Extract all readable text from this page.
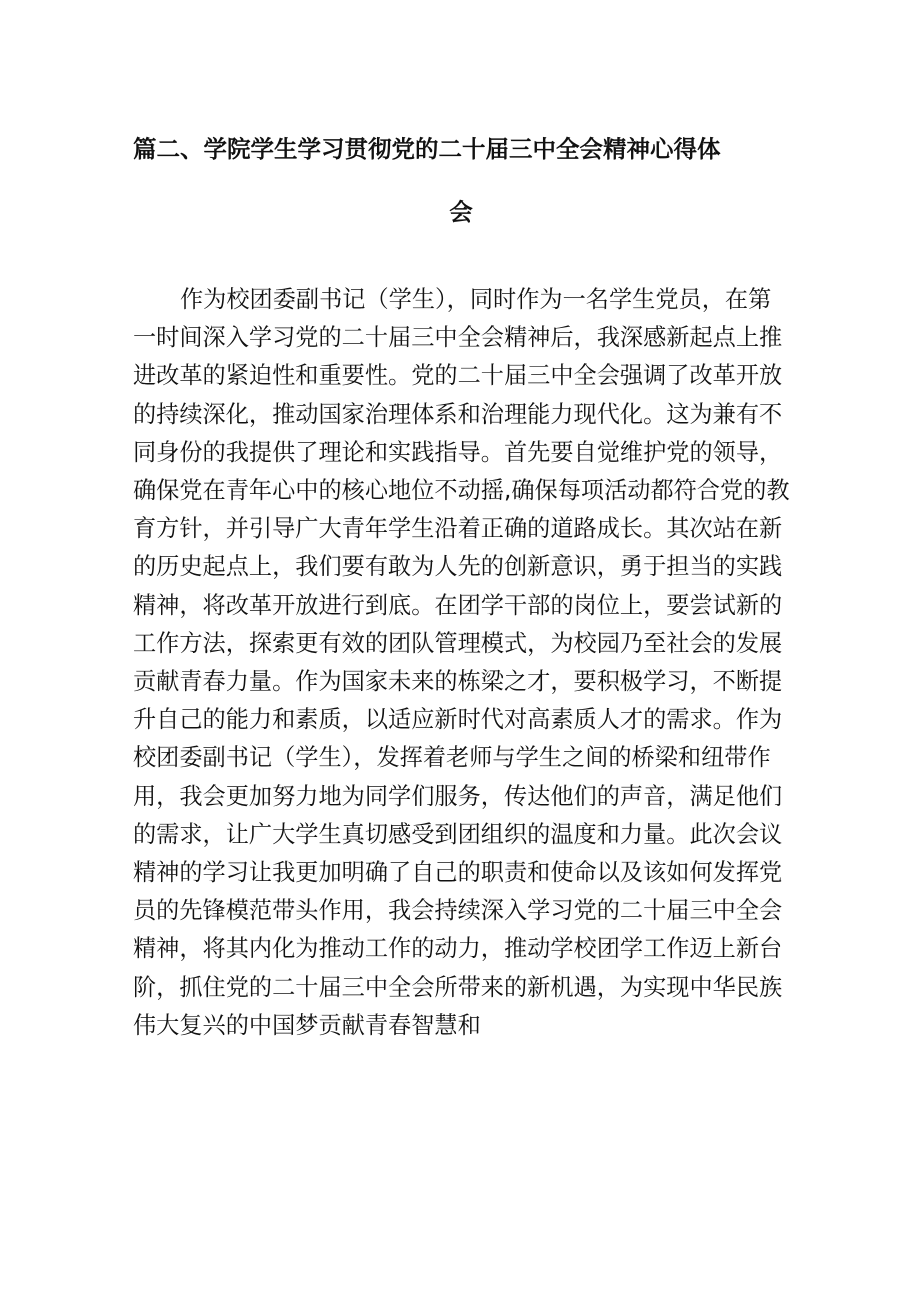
篇二、学院学生学习贯彻党的二十届三中全会精神心得体
会
作为校团委副书记（学生），同时作为一名学生党员，在第
一时间深入学习党的二十届三中全会精神后，我深感新起点上推
进改革的紧迫性和重要性。党的二十届三中全会强调了改革开放
的持续深化，推动国家治理体系和治理能力现代化。这为兼有不
同身份的我提供了理论和实践指导。首先要自觉维护党的领导，
确保党在青年心中的核心地位不动摇,确保每项活动都符合党的教
育方针，并引导广大青年学生沿着正确的道路成长。其次站在新
的历史起点上，我们要有敢为人先的创新意识，勇于担当的实践
精神，将改革开放进行到底。在团学干部的岗位上，要尝试新的
工作方法，探索更有效的团队管理模式，为校园乃至社会的发展
贡献青春力量。作为国家未来的栋梁之才，要积极学习，不断提
升自己的能力和素质，以适应新时代对高素质人才的需求。作为
校团委副书记（学生），发挥着老师与学生之间的桥梁和纽带作
用，我会更加努力地为同学们服务，传达他们的声音，满足他们
的需求，让广大学生真切感受到团组织的温度和力量。此次会议
精神的学习让我更加明确了自己的职责和使命以及该如何发挥党
员的先锋模范带头作用，我会持续深入学习党的二十届三中全会
精神，将其内化为推动工作的动力，推动学校团学工作迈上新台
阶，抓住党的二十届三中全会所带来的新机遇，为实现中华民族
伟大复兴的中国梦贡献青春智慧和
